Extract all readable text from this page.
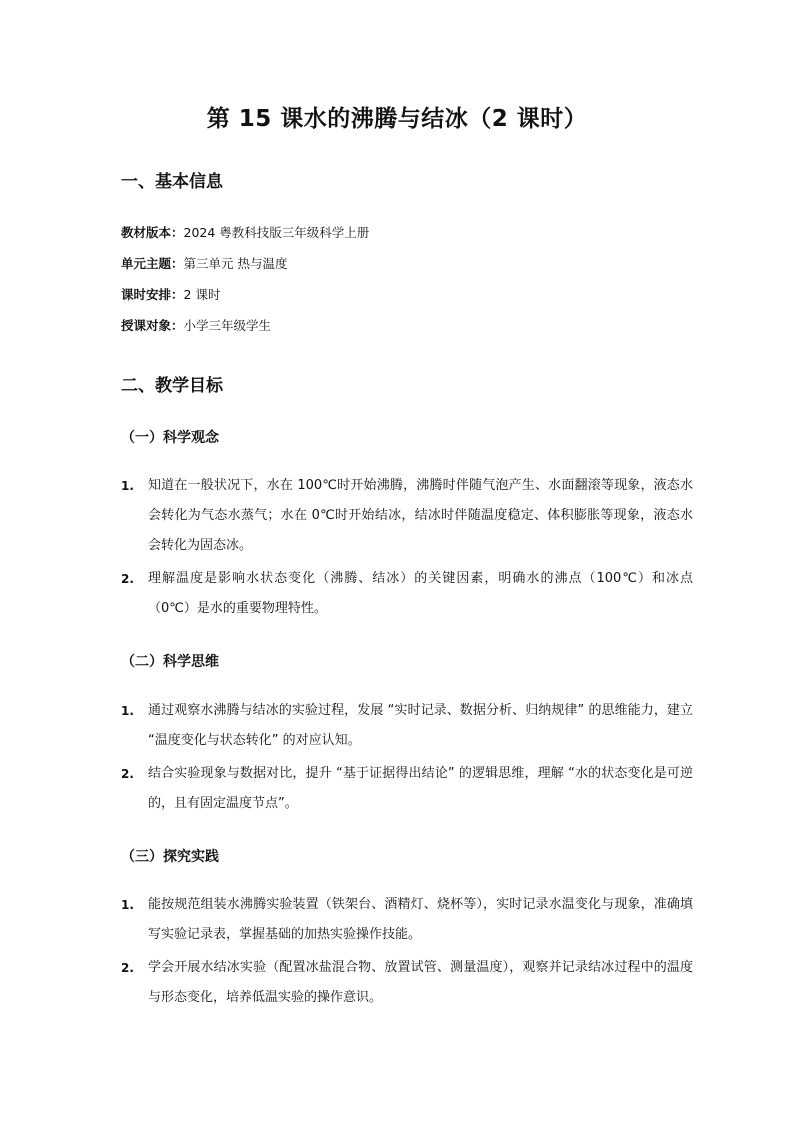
第 15 课水的沸腾与结冰（2 课时）
一、基本信息
教材版本：2024 粤教科技版三年级科学上册
单元主题：第三单元 热与温度
课时安排：2 课时
授课对象：小学三年级学生
二、教学目标
（一）科学观念
1. 知道在一般状况下，水在 100℃时开始沸腾，沸腾时伴随气泡产生、水面翻滚等现象，液态水会转化为气态水蒸气；水在 0℃时开始结冰，结冰时伴随温度稳定、体积膨胀等现象，液态水会转化为固态冰。
2. 理解温度是影响水状态变化（沸腾、结冰）的关键因素，明确水的沸点（100℃）和冰点（0℃）是水的重要物理特性。
（二）科学思维
1. 通过观察水沸腾与结冰的实验过程，发展 “实时记录、数据分析、归纳规律” 的思维能力，建立 “温度变化与状态转化” 的对应认知。
2. 结合实验现象与数据对比，提升 “基于证据得出结论” 的逻辑思维，理解 “水的状态变化是可逆的，且有固定温度节点”。
（三）探究实践
1. 能按规范组装水沸腾实验装置（铁架台、酒精灯、烧杯等），实时记录水温变化与现象，准确填写实验记录表，掌握基础的加热实验操作技能。
2. 学会开展水结冰实验（配置冰盐混合物、放置试管、测量温度），观察并记录结冰过程中的温度与形态变化，培养低温实验的操作意识。
